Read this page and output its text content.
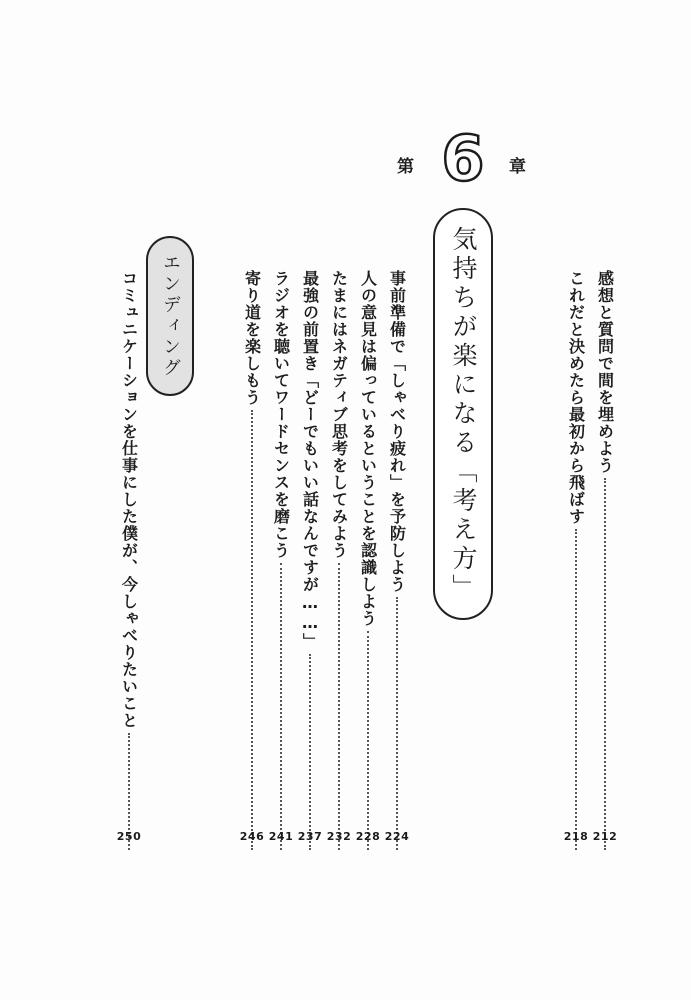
第 6	章
感想と質問で間を埋めよう
212
これだと決めたら最初から飛ばす
218
気持ちが楽になる「考え方」
事前準備で「しゃべり疲れ」を予防しよう
224
人の意見は偏っているということを認識しよう
228
たまにはネガティブ思考をしてみよう
232
最強の前置き「どーでもいい話なんですが……」
237
ラジオを聴いてワードセンスを磨こう
241
寄り道を楽しもう
246
エンディング
コミュニケーションを仕事にした僕が、今しゃべりたいこと
250
